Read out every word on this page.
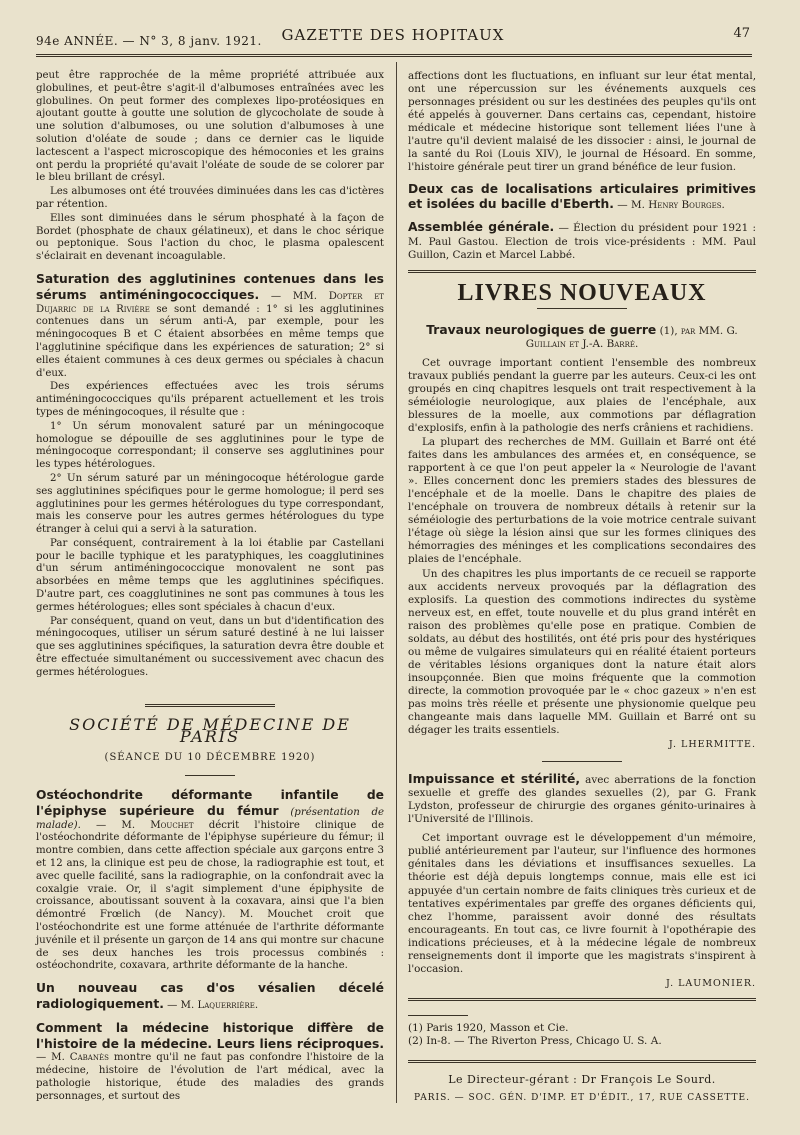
94e ANNÉE. — N° 3, 8 janv. 1921.	GAZETTE DES HOPITAUX	47

peut être rapprochée de la même propriété attribuée aux globulines, et peut-être s'agit-il d'albumoses entraînées avec les globulines. On peut former des complexes lipo-protéosiques en ajoutant goutte à goutte une solution de glycocholate de soude à une solution d'albumoses, ou une solution d'albumoses à une solution d'oléate de soude ; dans ce dernier cas le liquide lactescent a l'aspect microscopique des hémoconies et les grains ont perdu la propriété qu'avait l'oléate de soude de se colorer par le bleu brillant de crésyl.

Les albumoses ont été trouvées diminuées dans les cas d'ictères par rétention.

Elles sont diminuées dans le sérum phosphaté à la façon de Bordet (phosphate de chaux gélatineux), et dans le choc sérique ou peptonique. Sous l'action du choc, le plasma opalescent s'éclairait en devenant incoagulable.

Saturation des agglutinines contenues dans les sérums antiméningococciques. — MM. Dopter et Dujarric de la Rivière se sont demandé : 1° si les agglutinines contenues dans un sérum anti-A, par exemple, pour les méningocoques B et C étaient absorbées en même temps que l'agglutinine spécifique dans les expériences de saturation; 2° si elles étaient communes à ces deux germes ou spéciales à chacun d'eux.

Des expériences effectuées avec les trois sérums antiméningococciques qu'ils préparent actuellement et les trois types de méningocoques, il résulte que :

1° Un sérum monovalent saturé par un méningocoque homologue se dépouille de ses agglutinines pour le type de méningocoque correspondant; il conserve ses agglutinines pour les types hétérologues.

2° Un sérum saturé par un méningocoque hétérologue garde ses agglutinines spécifiques pour le germe homologue; il perd ses agglutinines pour les germes hétérologues du type correspondant, mais les conserve pour les autres germes hétérologues du type étranger à celui qui a servi à la saturation.

Par conséquent, contrairement à la loi établie par Castellani pour le bacille typhique et les paratyphiques, les coagglutinines d'un sérum antiméningococcique monovalent ne sont pas absorbées en même temps que les agglutinines spécifiques. D'autre part, ces coagglutinines ne sont pas communes à tous les germes hétérologues; elles sont spéciales à chacun d'eux.

Par conséquent, quand on veut, dans un but d'identification des méningocoques, utiliser un sérum saturé destiné à ne lui laisser que ses agglutinines spécifiques, la saturation devra être double et être effectuée simultanément ou successivement avec chacun des germes hétérologues.

SOCIÉTÉ DE MÉDECINE DE PARIS
(SÉANCE DU 10 DÉCEMBRE 1920)

Ostéochondrite déformante infantile de l'épiphyse supérieure du fémur (présentation de malade). — M. Mouchet décrit l'histoire clinique de l'ostéochondrite déformante de l'épiphyse supérieure du fémur; il montre combien, dans cette affection spéciale aux garçons entre 3 et 12 ans, la clinique est peu de chose, la radiographie est tout, et avec quelle facilité, sans la radiographie, on la confondrait avec la coxalgie vraie. Or, il s'agit simplement d'une épiphysite de croissance, aboutissant souvent à la coxavara, ainsi que l'a bien démontré Frœlich (de Nancy). M. Mouchet croit que l'ostéochondrite est une forme atténuée de l'arthrite déformante juvénile et il présente un garçon de 14 ans qui montre sur chacune de ses deux hanches les trois processus combinés : ostéochondrite, coxavara, arthrite déformante de la hanche.

Un nouveau cas d'os vésalien décelé radiologiquement. — M. Laquerrière.

Comment la médecine historique diffère de l'histoire de la médecine. Leurs liens réciproques. — M. Cabanès montre qu'il ne faut pas confondre l'histoire de la médecine, histoire de l'évolution de l'art médical, avec la pathologie historique, étude des maladies des grands personnages, et surtout des

affections dont les fluctuations, en influant sur leur état mental, ont une répercussion sur les événements auxquels ces personnages président ou sur les destinées des peuples qu'ils ont été appelés à gouverner. Dans certains cas, cependant, histoire médicale et médecine historique sont tellement liées l'une à l'autre qu'il devient malaisé de les dissocier : ainsi, le journal de la santé du Roi (Louis XIV), le journal de Hésoard. En somme, l'histoire générale peut tirer un grand bénéfice de leur fusion.

Deux cas de localisations articulaires primitives et isolées du bacille d'Eberth. — M. Henry Bourges.

Assemblée générale. — Élection du président pour 1921 : M. Paul Gastou. Election de trois vice-présidents : MM. Paul Guillon, Cazin et Marcel Labbé.

LIVRES NOUVEAUX

Travaux neurologiques de guerre (1), par MM. G. Guillain et J.-A. Barré.

Cet ouvrage important contient l'ensemble des nombreux travaux publiés pendant la guerre par les auteurs. Ceux-ci les ont groupés en cinq chapitres lesquels ont trait respectivement à la séméiologie neurologique, aux plaies de l'encéphale, aux blessures de la moelle, aux commotions par déflagration d'explosifs, enfin à la pathologie des nerfs crâniens et rachidiens.

La plupart des recherches de MM. Guillain et Barré ont été faites dans les ambulances des armées et, en conséquence, se rapportent à ce que l'on peut appeler la « Neurologie de l'avant ». Elles concernent donc les premiers stades des blessures de l'encéphale et de la moelle. Dans le chapitre des plaies de l'encéphale on trouvera de nombreux détails à retenir sur la séméiologie des perturbations de la voie motrice centrale suivant l'étage où siège la lésion ainsi que sur les formes cliniques des hémorragies des méninges et les complications secondaires des plaies de l'encéphale.

Un des chapitres les plus importants de ce recueil se rapporte aux accidents nerveux provoqués par la déflagration des explosifs. La question des commotions indirectes du système nerveux est, en effet, toute nouvelle et du plus grand intérêt en raison des problèmes qu'elle pose en pratique. Combien de soldats, au début des hostilités, ont été pris pour des hystériques ou même de vulgaires simulateurs qui en réalité étaient porteurs de véritables lésions organiques dont la nature était alors insoupçonnée. Bien que moins fréquente que la commotion directe, la commotion provoquée par le « choc gazeux » n'en est pas moins très réelle et présente une physionomie quelque peu changeante mais dans laquelle MM. Guillain et Barré ont su dégager les traits essentiels.

J. LHERMITTE.

Impuissance et stérilité, avec aberrations de la fonction sexuelle et greffe des glandes sexuelles (2), par G. Frank Lydston, professeur de chirurgie des organes génito-urinaires à l'Université de l'Illinois.

Cet important ouvrage est le développement d'un mémoire, publié antérieurement par l'auteur, sur l'influence des hormones génitales dans les déviations et insuffisances sexuelles. La théorie est déjà depuis longtemps connue, mais elle est ici appuyée d'un certain nombre de faits cliniques très curieux et de tentatives expérimentales par greffe des organes déficients qui, chez l'homme, paraissent avoir donné des résultats encourageants. En tout cas, ce livre fournit à l'opothérapie des indications précieuses, et à la médecine légale de nombreux renseignements dont il importe que les magistrats s'inspirent à l'occasion.

J. LAUMONIER.
(1) Paris 1920, Masson et Cie.
(2) In-8. — The Riverton Press, Chicago U. S. A.
Le Directeur-gérant : Dr François Le Sourd.
PARIS. — SOC. GÉN. D'IMP. ET D'ÉDIT., 17, RUE CASSETTE.
